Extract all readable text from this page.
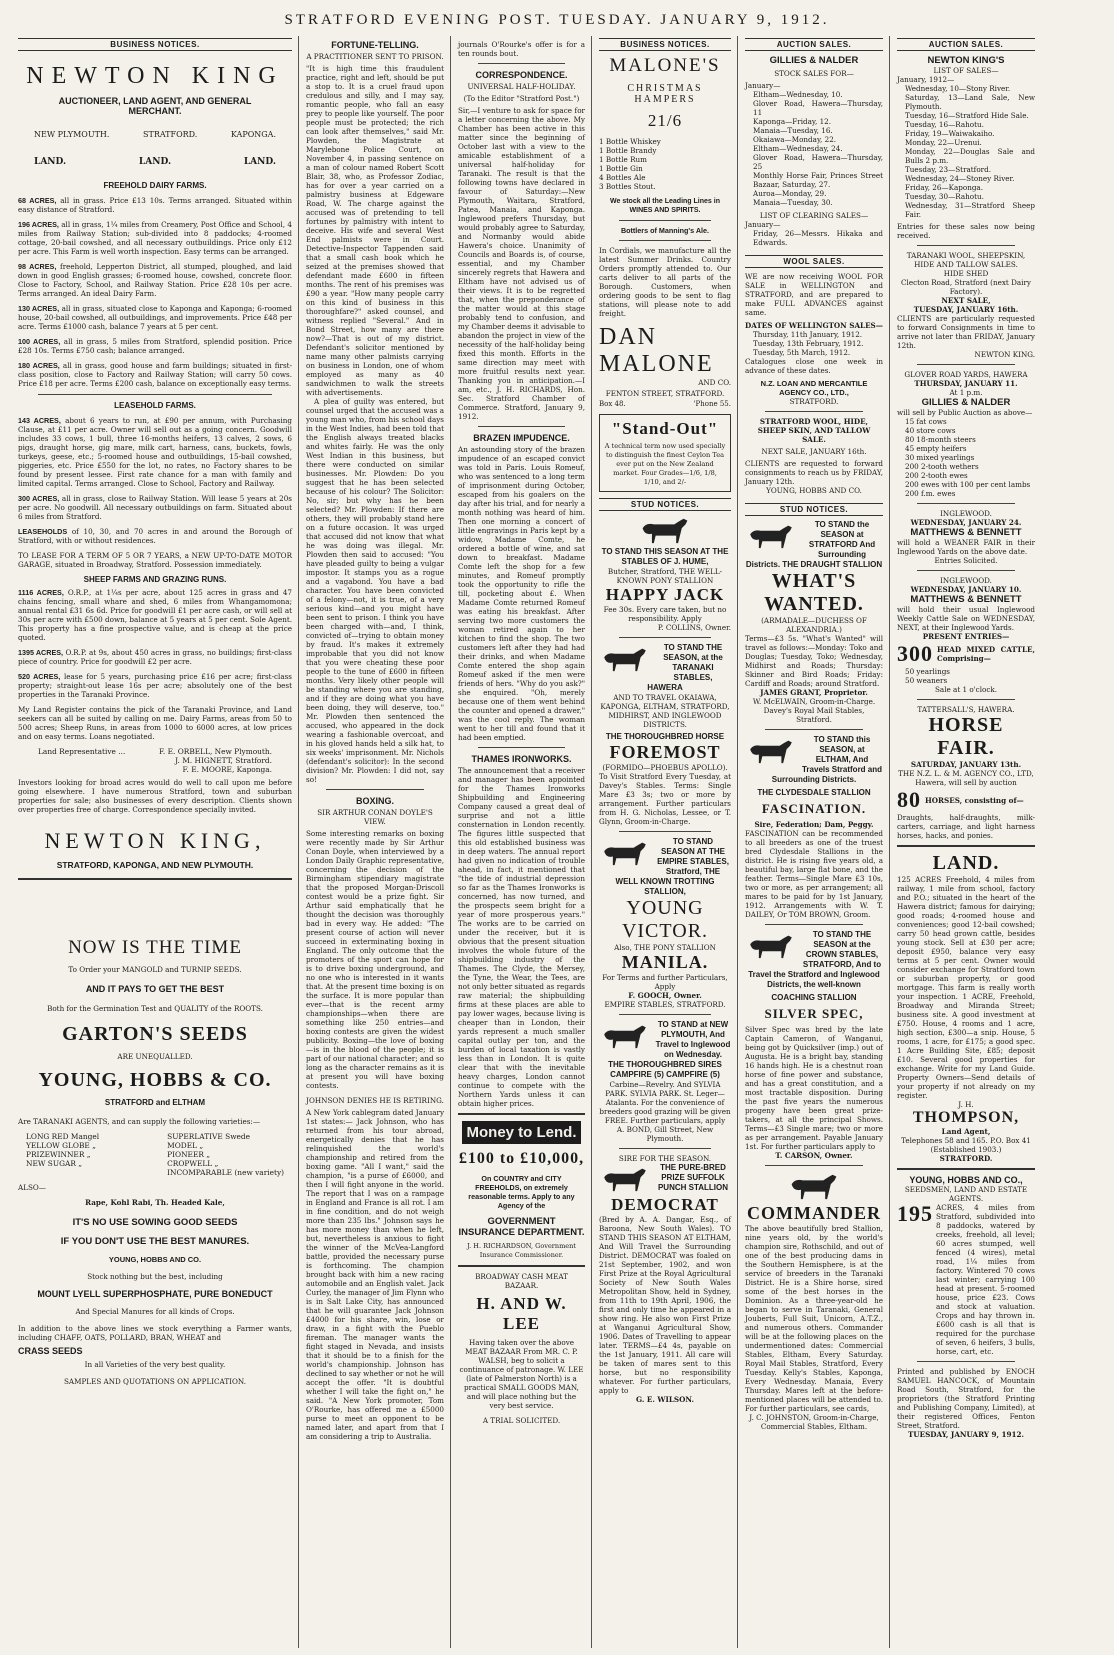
STRATFORD EVENING POST. TUESDAY. JANUARY 9, 1912.
BUSINESS NOTICES.
NEWTON KING
AUCTIONEER, LAND AGENT, AND GENERAL MERCHANT.
NEW PLYMOUTH.	STRATFORD.	KAPONGA.
LAND.	LAND.	LAND.
FREEHOLD DAIRY FARMS.
68 ACRES, all in grass. Price £13 10s. Terms arranged. Situated within easy distance of Stratford.
196 ACRES, all in grass, 1¼ miles from Creamery, Post Office and School, 4 miles from Railway Station; sub-divided into 8 paddocks; 4-roomed cottage, 20-bail cowshed, and all necessary outbuildings. Price only £12 per acre. This Farm is well worth inspection. Easy terms can be arranged.
98 ACRES, freehold, Lepperton District, all stumped, ploughed, and laid down in good English grasses; 6-roomed house, cowshed, concrete floor. Close to Factory, School, and Railway Station. Price £28 10s per acre. Terms arranged. An ideal Dairy Farm.
130 ACRES, all in grass, situated close to Kaponga and Kaponga; 6-roomed house, 20-bail cowshed, all outbuildings, and improvements. Price £48 per acre. Terms £1000 cash, balance 7 years at 5 per cent.
100 ACRES, all in grass, 5 miles from Stratford, splendid position. Price £28 10s. Terms £750 cash; balance arranged.
180 ACRES, all in grass, good house and farm buildings; situated in first-class position, close to Factory and Railway Station; will carry 50 cows. Price £18 per acre. Terms £200 cash, balance on exceptionally easy terms.
LEASEHOLD FARMS.
143 ACRES, about 6 years to run, at £90 per annum, with Purchasing Clause, at £11 per acre. Owner will sell out as a going concern. Goodwill includes 33 cows, 1 bull, three 16-months heifers, 13 calves, 2 sows, 6 pigs, draught horse, gig mare, milk cart, harness, cans, buckets, fowls, turkeys, geese, etc.; 5-roomed house and outbuildings, 15-bail cowshed, piggeries, etc. Price £550 for the lot, no rates, no Factory shares to be found by present lessee. First rate chance for a man with family and limited capital. Terms arranged. Close to School, Factory and Railway.
300 ACRES, all in grass, close to Railway Station. Will lease 5 years at 20s per acre. No goodwill. All necessary outbuildings on farm. Situated about 6 miles from Stratford.
LEASEHOLDS of 10, 30, and 70 acres in and around the Borough of Stratford, with or without residences.
TO LEASE FOR A TERM OF 5 OR 7 YEARS, a NEW UP-TO-DATE MOTOR GARAGE, situated in Broadway, Stratford. Possession immediately.
SHEEP FARMS AND GRAZING RUNS.
1116 ACRES, O.R.P., at 1¼s per acre, about 125 acres in grass and 47 chains fencing, small whare and shed, 6 miles from Whangamomona; annual rental £31 6s 6d. Price for goodwill £1 per acre cash, or will sell at 30s per acre with £500 down, balance at 5 years at 5 per cent. Sole Agent. This property has a fine prospective value, and is cheap at the price quoted.
1395 ACRES, O.R.P. at 9s, about 450 acres in grass, no buildings; first-class piece of country. Price for goodwill £2 per acre.
520 ACRES, lease for 5 years, purchasing price £16 per acre; first-class property; straight-out lease 16s per acre; absolutely one of the best properties in the Taranaki Province.
My Land Register contains the pick of the Taranaki Province, and Land seekers can all be suited by calling on me. Dairy Farms, areas from 50 to 500 acres; Sheep Runs, in areas from 1000 to 6000 acres, at low prices and on easy terms. Loans negotiated.
Land Representative ...	F. E. ORBELL, New Plymouth.
J. M. HIGNETT, Stratford.
F. E. MOORE, Kaponga.
Investors looking for broad acres would do well to call upon me before going elsewhere. I have numerous Stratford, town and suburban properties for sale; also businesses of every description. Clients shown over properties free of charge. Correspondence specially invited.
NEWTON KING,
STRATFORD, KAPONGA, AND NEW PLYMOUTH.
NOW IS THE TIME
To Order your MANGOLD and TURNIP SEEDS.
AND IT PAYS TO GET THE BEST
Both for the Germination Test and QUALITY of the ROOTS.
GARTON'S SEEDS
ARE UNEQUALLED.
YOUNG, HOBBS & CO.
STRATFORD and ELTHAM
Are TARANAKI AGENTS, and can supply the following varieties:—
LONG RED Mangel
YELLOW GLOBE „
PRIZEWINNER „
NEW SUGAR „
SUPERLATIVE Swede
MODEL „
PIONEER „
CROPWELL „
INCOMPARABLE (new variety)
ALSO—
Rape, Kohl Rabi, Th. Headed Kale,
IT'S NO USE SOWING GOOD SEEDS
IF YOU DON'T USE THE BEST MANURES.
YOUNG, HOBBS AND CO.
Stock nothing but the best, including
MOUNT LYELL SUPERPHOSPHATE, PURE BONEDUCT
And Special Manures for all kinds of Crops.
In addition to the above lines we stock everything a Farmer wants, including CHAFF, OATS, POLLARD, BRAN, WHEAT and
CRASS SEEDS
In all Varieties of the very best quality.
SAMPLES AND QUOTATIONS ON APPLICATION.
FORTUNE-TELLING.
A PRACTITIONER SENT TO PRISON.
"It is high time this fraudulent practice, right and left, should be put a stop to. It is a cruel fraud upon credulous and silly, and I may say, romantic people, who fall an easy prey to people like yourself. The poor people must be protected; the rich can look after themselves," said Mr. Plowden, the Magistrate at Marylebone Police Court, on November 4, in passing sentence on a man of colour named Robert Scott Blair, 38, who, as Professor Zodiac, has for over a year carried on a palmistry business at Edgeware Road, W. The charge against the accused was of pretending to tell fortunes by palmistry with intent to deceive. His wife and several West End palmists were in Court. Detective-Inspector Tappenden said that a small cash book which he seized at the premises showed that defendant made £600 in fifteen months. The rent of his premises was £90 a year. "How many people carry on this kind of business in this thoroughfare?" asked counsel, and witness replied "Several." And in Bond Street, how many are there now?—That is out of my district. Defendant's solicitor mentioned by name many other palmists carrying on business in London, one of whom employed as many as 40 sandwichmen to walk the streets with advertisements.
A plea of guilty was entered, but counsel urged that the accused was a young man who, from his school days in the West Indies, had been told that the English always treated blacks and whites fairly. He was the only West Indian in this business, but there were conducted on similar businesses. Mr. Plowden: Do you suggest that he has been selected because of his colour? The Solicitor: No, sir; but why has he been selected? Mr. Plowden: If there are others, they will probably stand here on a future occasion. It was urged that accused did not know that what he was doing was illegal. Mr. Plowden then said to accused: "You have pleaded guilty to being a vulgar impostor. It stamps you as a rogue and a vagabond. You have a bad character. You have been convicted of a felony—not, it is true, of a very serious kind—and you might have been sent to prison. I think you have been charged with—and, I think, convicted of—trying to obtain money by fraud. It's makes it extremely improbable that you did not know that you were cheating these poor people to the tune of £600 in fifteen months. Very likely other people will be standing where you are standing, and if they are doing what you have been doing, they will deserve, too." Mr. Plowden then sentenced the accused, who appeared in the dock wearing a fashionable overcoat, and in his gloved hands held a silk hat, to six weeks' imprisonment. Mr. Nichols (defendant's solicitor): In the second division? Mr. Plowden: I did not, say so!
BOXING.
SIR ARTHUR CONAN DOYLE'S VIEW.
Some interesting remarks on boxing were recently made by Sir Arthur Conan Doyle, when interviewed by a London Daily Graphic representative, concerning the decision of the Birmingham stipendiary magistrate that the proposed Morgan-Driscoll contest would be a prize fight. Sir Arthur said emphatically that he thought the decision was thoroughly bad in every way. He added: "The present course of action will never succeed in exterminating boxing in England. The only outcome that the promoters of the sport can hope for is to drive boxing underground, and no one who is interested in it wants that. At the present time boxing is on the surface. It is more popular than ever—that is the recent army championships—when there are something like 250 entries—and boxing contests are given the widest publicity. Boxing—the love of boxing—is in the blood of the people; it is part of our national character; and so long as the character remains as it is at present you will have boxing contests.
JOHNSON DENIES HE IS RETIRING.
A New York cablegram dated January 1st states:— Jack Johnson, who has returned from his tour abroad, energetically denies that he has relinquished the world's championship and retired from the boxing game. "All I want," said the champion, "is a purse of £6000, and then I will fight anyone in the world. The report that I was on a rampage in England and France is all rot. I am in fine condition, and do not weigh more than 235 lbs." Johnson says he has more money than when he left, but, nevertheless is anxious to fight the winner of the McVea-Langford battle, provided the necessary purse is forthcoming. The champion brought back with him a new racing automobile and an English valet. Jack Curley, the manager of Jim Flynn who is in Salt Lake City, has announced that he will guarantee Jack Johnson £4000 for his share, win, lose or draw, in a fight with the Pueblo fireman. The manager wants the fight staged in Nevada, and insists that it should be to a finish for the world's championship. Johnson has declined to say whether or not he will accept the offer. "It is doubtful whether I will take the fight on," he said. "A New York promoter, Tom O'Rourke, has offered me a £5000 purse to meet an opponent to be named later, and apart from that I am considering a trip to Australia.
journals O'Rourke's offer is for a ten rounds bout.
CORRESPONDENCE.
UNIVERSAL HALF-HOLIDAY.
(To the Editor "Stratford Post.")
Sir,—I venture to ask for space for a letter concerning the above. My Chamber has been active in this matter since the beginning of October last with a view to the amicable establishment of a universal half-holiday for Taranaki. The result is that the following towns have declared in favour of Saturday:—New Plymouth, Waitara, Stratford, Patea, Manaia, and Kaponga. Inglewood prefers Thursday, but would probably agree to Saturday, and Normanby would abide Hawera's choice. Unanimity of Councils and Boards is, of course, essential, and my Chamber sincerely regrets that Hawera and Eltham have not advised us of their views. It is to be regretted that, when the preponderance of the matter would at this stage probably tend to confusion, and my Chamber deems it advisable to abandon the project in view of the necessity of the half-holiday being fixed this month. Efforts in the same direction may meet with more fruitful results next year. Thanking you in anticipation.—I am, etc., J. H. RICHARDS, Hon. Sec. Stratford Chamber of Commerce. Stratford, January 9, 1912.
BRAZEN IMPUDENCE.
An astounding story of the brazen impudence of an escaped convict was told in Paris. Louis Romeuf, who was sentenced to a long term of imprisonment during October, escaped from his goalers on the day after his trial, and for nearly a month nothing was heard of him. Then one morning a concert of little engravings in Paris kept by a widow, Madame Comte, he ordered a bottle of wine, and sat down to breakfast. Madame Comte left the shop for a few minutes, and Romeuf promptly took the opportunity to rifle the till, pocketing about £. When Madame Comte returned Romeuf was eating his breakfast. After serving two more customers the woman retired again to her kitchen to find the shop. The two customers left after they had had their drinks, and when Madame Comte entered the shop again Romeuf asked if the men were friends of hers. "Why do you ask?" she enquired. "Oh, merely because one of them went behind the counter and opened a drawer," was the cool reply. The woman went to her till and found that it had been emptied.
THAMES IRONWORKS.
The announcement that a receiver and manager has been appointed for the Thames Ironworks Shipbuilding and Engineering Company caused a great deal of surprise and not a little consternation in London recently. The figures little suspected that this old established business was in deep waters. The annual report had given no indication of trouble ahead, in fact, it mentioned that "the tide of industrial depression so far as the Thames Ironworks is concerned, has now turned, and the prospects seem bright for a year of more prosperous years." The works are to be carried on under the receiver, but it is obvious that the present situation involves the whole future of the shipbuilding industry of the Thames. The Clyde, the Mersey, the Tyne, the Wear, the Tees, are not only better situated as regards raw material; the shipbuilding firms at these places are able to pay lower wages, because living is cheaper than in London, their yards represent a much smaller capital outlay per ton, and the burden of local taxation is vastly less than in London. It is quite clear that with the inevitable heavy charges, London cannot continue to compete with the Northern Yards unless it can obtain higher prices.
Money to Lend.
£100 to £10,000,
On COUNTRY and CITY FREEHOLDS, on extremely reasonable terms. Apply to any Agency of the
GOVERNMENT INSURANCE DEPARTMENT.
J. H. RICHARDSON, Government Insurance Commissioner.
BROADWAY CASH MEAT BAZAAR.
H. AND W. LEE
Having taken over the above MEAT BAZAAR From MR. C. P. WALSH, beg to solicit a continuance of patronage. W. LEE (late of Palmerston North) is a practical SMALL GOODS MAN, and will place nothing but the very best service.
A TRIAL SOLICITED.
BUSINESS NOTICES.
MALONE'S
CHRISTMAS HAMPERS
21/6
1 Bottle Whiskey
1 Bottle Brandy
1 Bottle Rum
1 Bottle Gin
4 Bottles Ale
3 Bottles Stout.
We stock all the Leading Lines in WINES AND SPIRITS.
Bottlers of Manning's Ale.
In Cordials, we manufacture all the latest Summer Drinks. Country Orders promptly attended to. Our carts deliver to all parts of the Borough. Customers, when ordering goods to be sent to flag stations, will please note to add freight.
DAN
MALONE
AND CO.
FENTON STREET, STRATFORD.
Box 48.	'Phone 55.
"Stand-Out"
A technical term now used specially to distinguish the finest Ceylon Tea ever put on the New Zealand market. Four Grades—1/6, 1/8, 1/10, and 2/-
STUD NOTICES.
TO STAND THIS SEASON AT THE STABLES OF J. HUME,
Butcher, Stratford, THE WELL-KNOWN PONY STALLION
HAPPY JACK
Fee 30s. Every care taken, but no responsibility. Apply
P. COLLINS, Owner.
TO STAND THE SEASON, at the TARANAKI STABLES, HAWERA
AND TO TRAVEL OKAIAWA, KAPONGA, ELTHAM, STRATFORD, MIDHIRST, AND INGLEWOOD DISTRICTS.
THE THOROUGHBRED HORSE
FOREMOST
(FORMIDO—PHOEBUS APOLLO).
To Visit Stratford Every Tuesday, at Davey's Stables. Terms: Single Mare £3 3s; two or more by arrangement. Further particulars from H. G. Nicholas, Lessee, or T. Glynn, Groom-in-Charge.
TO STAND SEASON AT THE EMPIRE STABLES, Stratford, THE WELL KNOWN TROTTING STALLION,
YOUNG
VICTOR.
Also, THE PONY STALLION
MANILA.
For Terms and further Particulars, Apply
F. GOOCH, Owner.
EMPIRE STABLES, STRATFORD.
TO STAND at NEW PLYMOUTH, And Travel to Inglewood on Wednesday. THE THOROUGHBRED SIRES CAMPFIRE (5) CAMPFIRE (5)
Carbine—Revelry. And SYLVIA PARK. SYLVIA PARK. St. Leger—Atalanta. For the convenience of breeders good grazing will be given FREE. Further particulars, apply
A. BOND, Gill Street, New Plymouth.
SIRE FOR THE SEASON.
THE PURE-BRED PRIZE SUFFOLK PUNCH STALLION
DEMOCRAT
(Bred by A. A. Dangar, Esq., of Baroona, New South Wales). TO STAND THIS SEASON AT ELTHAM, And Will Travel the Surrounding District. DEMOCRAT was foaled on 21st September, 1902, and won First Prize at the Royal Agricultural Society of New South Wales Metropolitan Show, held in Sydney, from 11th to 19th April, 1906, the first and only time he appeared in a show ring. He also won First Prize at Wanganui Agricultural Show, 1906. Dates of Travelling to appear later. TERMS—£4 4s, payable on the 1st January, 1911. All care will be taken of mares sent to this horse, but no responsibility whatever. For further particulars, apply to
G. E. WILSON.
AUCTION SALES.
GILLIES & NALDER
STOCK SALES FOR—
January—
Eltham—Wednesday, 10.
Glover Road, Hawera—Thursday, 11
Kaponga—Friday, 12.
Manaia—Tuesday, 16.
Okaiawa—Monday, 22.
Eltham—Wednesday, 24.
Glover Road, Hawera—Thursday, 25
Monthly Horse Fair, Princes Street Bazaar, Saturday, 27.
Auroa—Monday, 29.
Manaia—Tuesday, 30.
LIST OF CLEARING SALES—
January—
Friday, 26—Messrs. Hikaka and Edwards.
WOOL SALES.
WE are now receiving WOOL FOR SALE in WELLINGTON and STRATFORD, and are prepared to make FULL ADVANCES against same.
DATES OF WELLINGTON SALES—
Thursday, 11th January, 1912.
Tuesday, 13th February, 1912.
Tuesday, 5th March, 1912.
Catalogues close one week in advance of these dates.
N.Z. LOAN AND MERCANTILE AGENCY CO., LTD.,
STRATFORD.
STRATFORD WOOL, HIDE, SHEEP SKIN, AND TALLOW SALE.
NEXT SALE, JANUARY 16th.
CLIENTS are requested to forward consignments to reach us by FRIDAY, January 12th.
YOUNG, HOBBS AND CO.
STUD NOTICES.
TO STAND the SEASON at STRATFORD And Surrounding Districts. THE DRAUGHT STALLION
WHAT'S WANTED.
(ARMADALE—DUCHESS OF ALEXANDRIA.)
Terms—£3 5s. "What's Wanted" will travel as follows:—Monday: Toko and Douglas; Tuesday, Toko; Wednesday, Midhirst and Roads; Thursday: Skinner and Bird Roads; Friday: Cardiff and Roads; around Stratford.
JAMES GRANT, Proprietor.
W. McELWAIN, Groom-in-Charge.
Davey's Royal Mail Stables, Stratford.
TO STAND this SEASON, at ELTHAM, And Travels Stratford and Surrounding Districts.
THE CLYDESDALE STALLION
FASCINATION.
Sire, Federation; Dam, Peggy.
FASCINATION can be recommended to all breeders as one of the truest bred Clydesdale Stallions in the district. He is rising five years old, a beautiful bay, large flat bone, and the feather. Terms—Single Mare £3 10s, two or more, as per arrangement; all mares to be paid for by 1st January, 1912. Arrangements with W. T. DAILEY, Or TOM BROWN, Groom.
TO STAND THE SEASON at the CROWN STABLES, STRATFORD, And to Travel the Stratford and Inglewood Districts, the well-known
COACHING STALLION
SILVER SPEC,
Silver Spec was bred by the late Captain Cameron, of Wanganui, being got by Quicksilver (imp.) out of Augusta. He is a bright bay, standing 16 hands high. He is a chestnut roan horse of fine power and substance, and has a great constitution, and a most tractable disposition. During the past five years the numerous progeny have been great prize-takers, at all the principal Shows. Terms—£3 Single mare; two or more as per arrangement. Payable January 1st. For further particulars apply to
T. CARSON, Owner.
COMMANDER
The above beautifully bred Stallion, nine years old, by the world's champion sire, Rothschild, and out of one of the best producing dams in the Southern Hemisphere, is at the service of breeders in the Taranaki District. He is a Shire horse, sired some of the best horses in the Dominion. As a three-year-old he began to serve in Taranaki, General Jouberts, Full Suit, Unicorn, A.T.Z., and numerous others. Commander will be at the following places on the undermentioned dates: Commercial Stables, Eltham, Every Saturday. Royal Mail Stables, Stratford, Every Tuesday. Kelly's Stables, Kaponga, Every Wednesday. Manaia, Every Thursday. Mares left at the before-mentioned places will be attended to. For further particulars, see cards,
J. C. JOHNSTON, Groom-in-Charge,
Commercial Stables, Eltham.
AUCTION SALES.
NEWTON KING'S
LIST OF SALES—
January, 1912—
Wednesday, 10—Stony River.
Saturday, 13—Land Sale, New Plymouth.
Tuesday, 16—Stratford Hide Sale.
Tuesday, 16—Rahotu.
Friday, 19—Waiwakaiho.
Monday, 22—Urenui.
Monday, 22—Douglas Sale and Bulls 2 p.m.
Tuesday, 23—Stratford.
Wednesday, 24—Stoney River.
Friday, 26—Kaponga.
Tuesday, 30—Rahotu.
Wednesday, 31—Stratford Sheep Fair.
Entries for these sales now being received.
TARANAKI WOOL, SHEEPSKIN, HIDE AND TALLOW SALES.
HIDE SHED
Clecton Road, Stratford (next Dairy Factory).
NEXT SALE,
TUESDAY, JANUARY 16th.
CLIENTS are particularly requested to forward Consignments in time to arrive not later than FRIDAY, January 12th.
NEWTON KING.
GLOVER ROAD YARDS, HAWERA
THURSDAY, JANUARY 11.
At 1 p.m.
GILLIES & NALDER
will sell by Public Auction as above—
15 fat cows
40 store cows
80 18-month steers
45 empty heifers
30 mixed yearlings
200 2-tooth wethers
200 2-tooth ewes
200 ewes with 100 per cent lambs
200 f.m. ewes
INGLEWOOD.
WEDNESDAY, JANUARY 24.
MATTHEWS & BENNETT
will hold a WEANER FAIR in their Inglewood Yards on the above date.
Entries Solicited.
INGLEWOOD.
WEDNESDAY, JANUARY 10.
MATTHEWS & BENNETT
will hold their usual Inglewood Weekly Cattle Sale on WEDNESDAY, NEXT, at their Inglewood Yards.
PRESENT ENTRIES—
300 HEAD MIXED CATTLE, Comprising—
50 yearlings
50 weaners
Sale at 1 o'clock.
TATTERSALL'S, HAWERA.
HORSE FAIR.
SATURDAY, JANUARY 13th.
THE N.Z. L. & M. AGENCY CO., LTD, Hawera, will sell by auction
80 HORSES, consisting of—
Draughts, half-draughts, milk-carters, carriage, and light harness horses, hacks, and ponies.
LAND.
125 ACRES Freehold, 4 miles from railway, 1 mile from school, factory and P.O.; situated in the heart of the Hawera district; famous for dairying; good roads; 4-roomed house and conveniences; good 12-bail cowshed; carry 50 head grown cattle, besides young stock. Sell at £30 per acre; deposit £950, balance very easy terms at 5 per cent. Owner would consider exchange for Stratford town or suburban property, or good mortgage. This farm is really worth your inspection. 1 ACRE, Freehold, Broadway and Miranda Street; business site. A good investment at £750. House, 4 rooms and 1 acre, high section, £300—a snip. House, 5 rooms, 1 acre, for £175; a good spec. 1 Acre Building Site, £85; deposit £10. Several good properties for exchange. Write for my Land Guide. Property Owners—Send details of your property if not already on my register.
J. H.
THOMPSON,
Land Agent,
Telephones 58 and 165. P.O. Box 41 (Established 1903.)
STRATFORD.
YOUNG, HOBBS AND CO.,
SEEDSMEN, LAND AND ESTATE AGENTS.
195 ACRES, 4 miles from Stratford, subdivided into 8 paddocks, watered by creeks, freehold, all level; 60 acres stumped, well fenced (4 wires), metal road, 1¼ miles from factory. Wintered 70 cows last winter; carrying 100 head at present. 5-roomed house, price £23. Cows and stock at valuation. Crops and hay thrown in. £600 cash is all that is required for the purchase of seven, 6 heifers, 3 bulls, horse, cart, etc.
Printed and published by ENOCH SAMUEL HANCOCK, of Mountain Road South, Stratford, for the proprietors (the Stratford Printing and Publishing Company, Limited), at their registered Offices, Fenton Street, Stratford.
TUESDAY, JANUARY 9, 1912.
